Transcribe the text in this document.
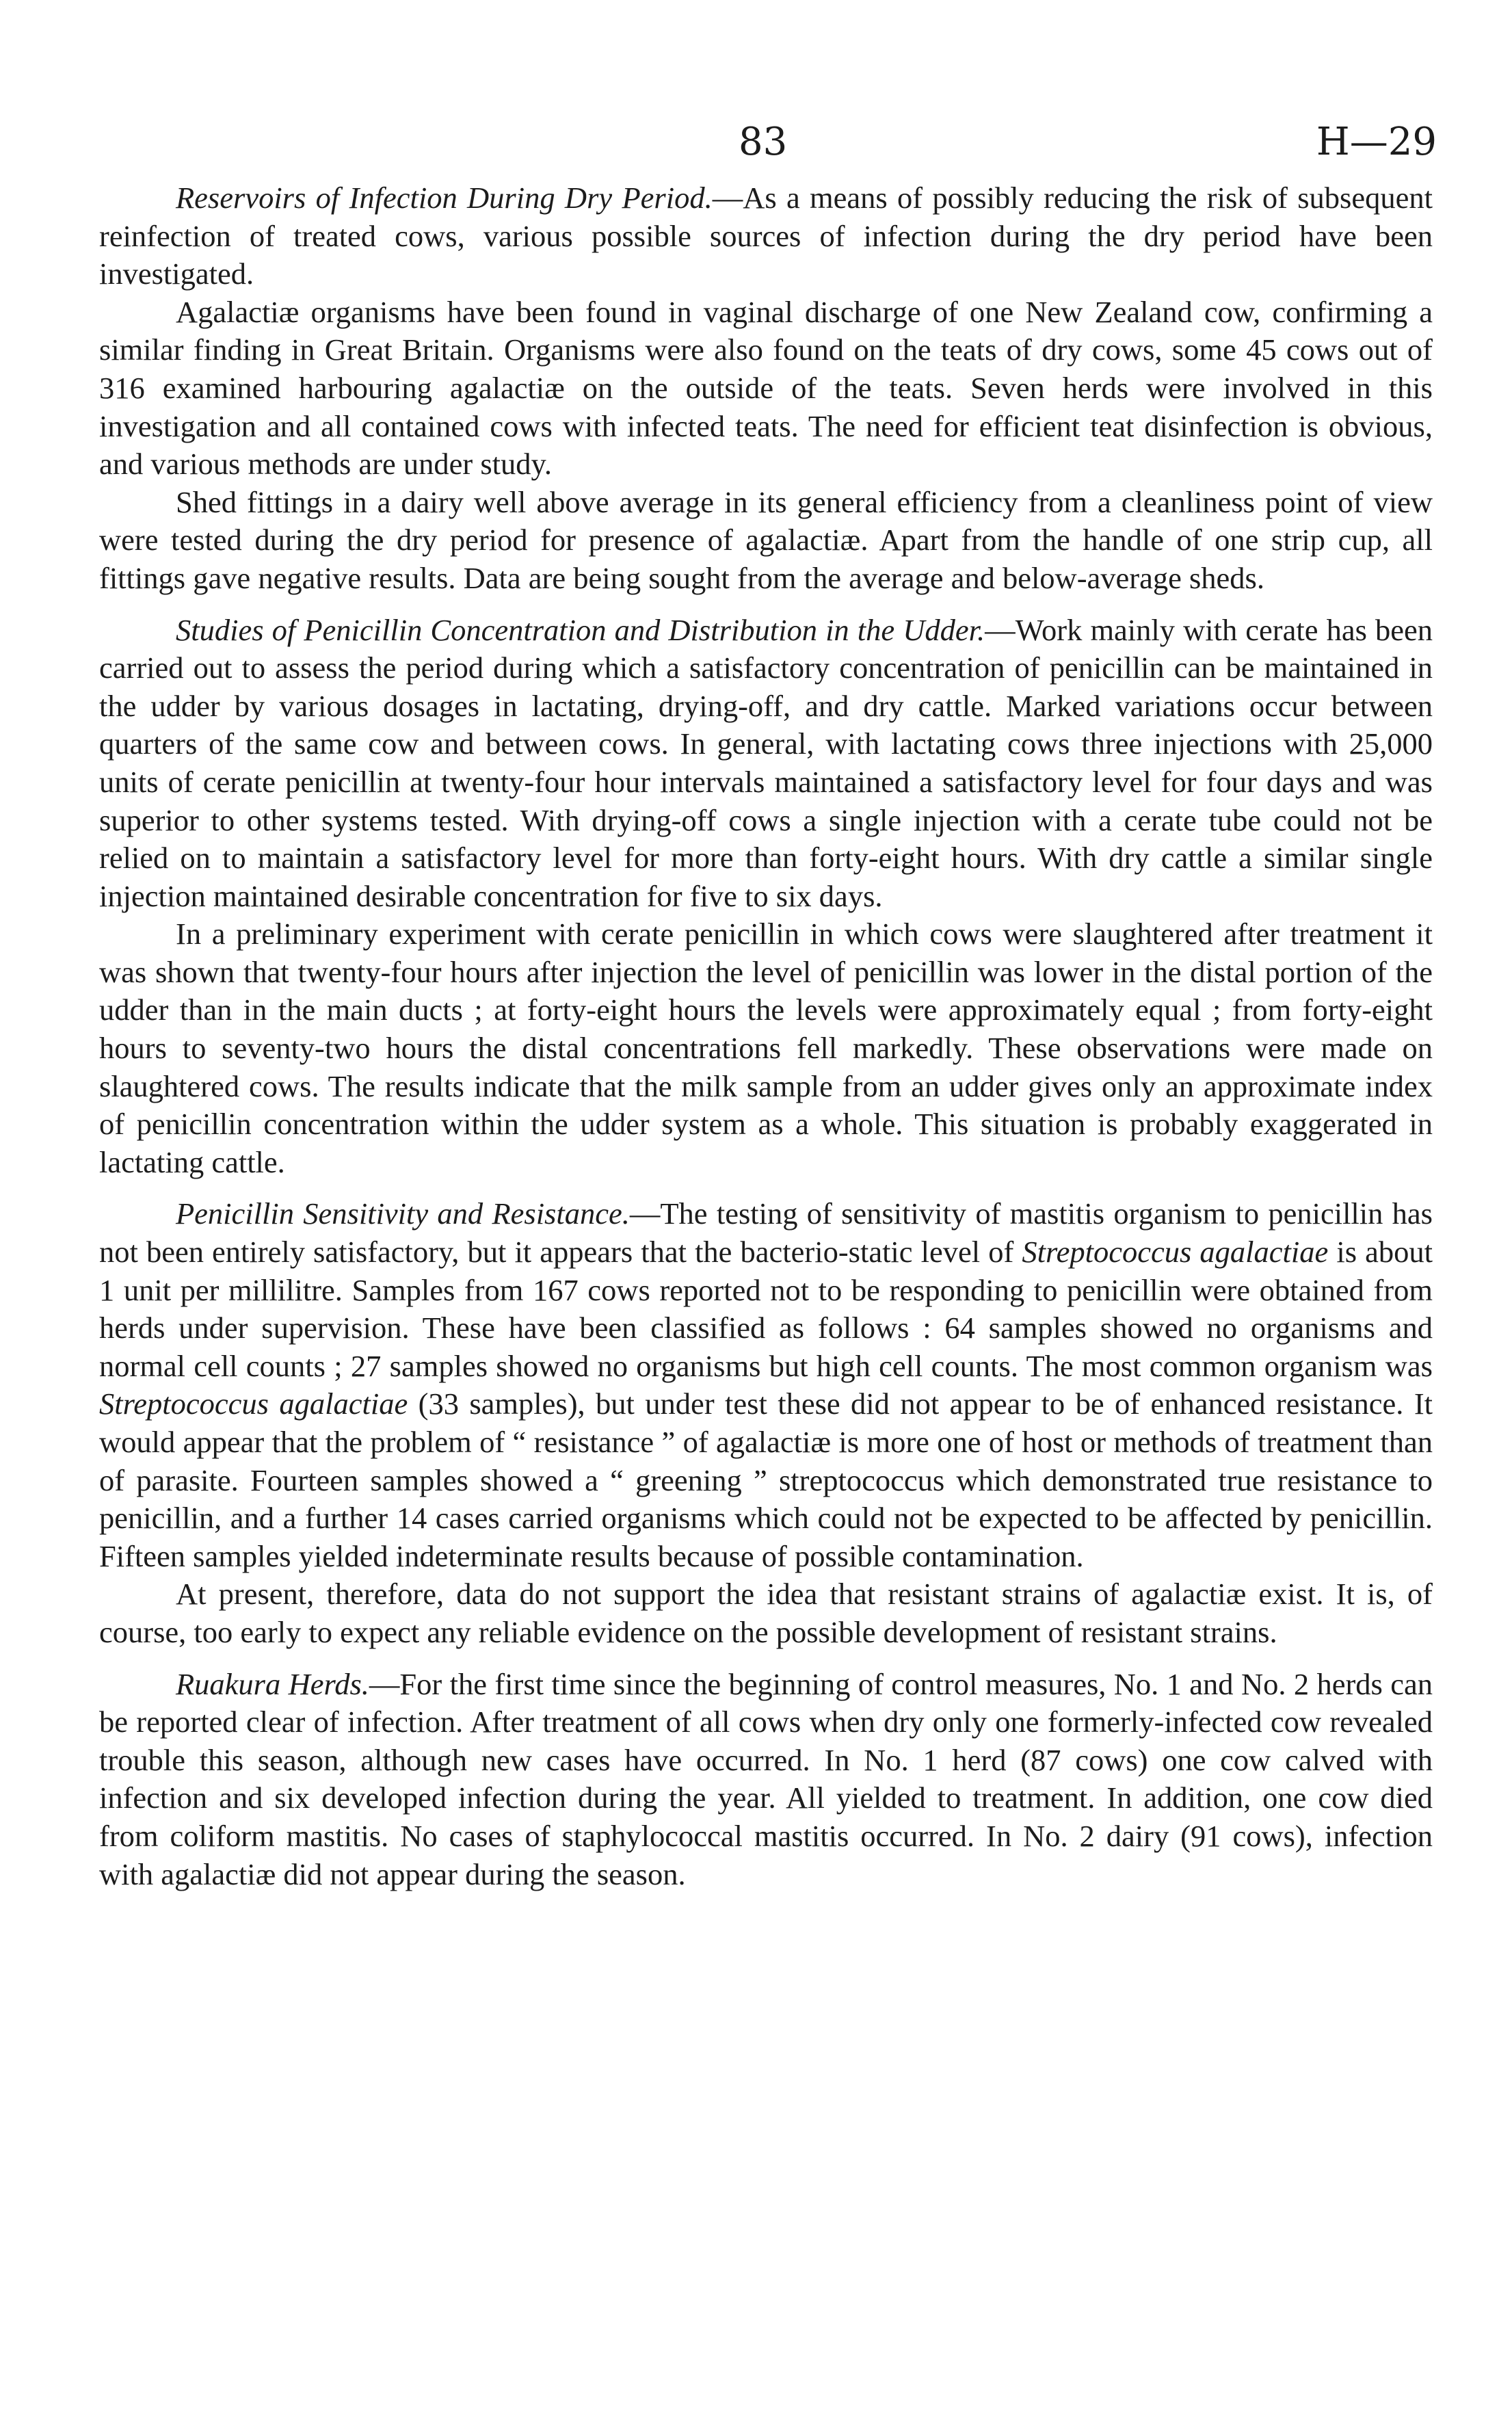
83	H—29

Reservoirs of Infection During Dry Period.—As a means of possibly reducing the risk of subsequent reinfection of treated cows, various possible sources of infection during the dry period have been investigated.

Agalactiæ organisms have been found in vaginal discharge of one New Zealand cow, confirming a similar finding in Great Britain. Organisms were also found on the teats of dry cows, some 45 cows out of 316 examined harbouring agalactiæ on the outside of the teats. Seven herds were involved in this investigation and all contained cows with infected teats. The need for efficient teat disinfection is obvious, and various methods are under study.

Shed fittings in a dairy well above average in its general efficiency from a cleanliness point of view were tested during the dry period for presence of agalactiæ. Apart from the handle of one strip cup, all fittings gave negative results. Data are being sought from the average and below-average sheds.

Studies of Penicillin Concentration and Distribution in the Udder.—Work mainly with cerate has been carried out to assess the period during which a satisfactory concentration of penicillin can be maintained in the udder by various dosages in lactating, drying-off, and dry cattle. Marked variations occur between quarters of the same cow and between cows. In general, with lactating cows three injections with 25,000 units of cerate penicillin at twenty-four hour intervals maintained a satisfactory level for four days and was superior to other systems tested. With drying-off cows a single injection with a cerate tube could not be relied on to maintain a satisfactory level for more than forty-eight hours. With dry cattle a similar single injection maintained desirable concentration for five to six days.

In a preliminary experiment with cerate penicillin in which cows were slaughtered after treatment it was shown that twenty-four hours after injection the level of penicillin was lower in the distal portion of the udder than in the main ducts ; at forty-eight hours the levels were approximately equal ; from forty-eight hours to seventy-two hours the distal concentrations fell markedly. These observations were made on slaughtered cows. The results indicate that the milk sample from an udder gives only an approximate index of penicillin concentration within the udder system as a whole. This situation is probably exaggerated in lactating cattle.

Penicillin Sensitivity and Resistance.—The testing of sensitivity of mastitis organism to penicillin has not been entirely satisfactory, but it appears that the bacterio-static level of Streptococcus agalactiae is about 1 unit per millilitre. Samples from 167 cows reported not to be responding to penicillin were obtained from herds under supervision. These have been classified as follows : 64 samples showed no organisms and normal cell counts ; 27 samples showed no organisms but high cell counts. The most common organism was Streptococcus agalactiae (33 samples), but under test these did not appear to be of enhanced resistance. It would appear that the problem of “ resistance ” of agalactiæ is more one of host or methods of treatment than of parasite. Fourteen samples showed a “ greening ” streptococcus which demonstrated true resistance to penicillin, and a further 14 cases carried organisms which could not be expected to be affected by penicillin. Fifteen samples yielded indeterminate results because of possible contamination.

At present, therefore, data do not support the idea that resistant strains of agalactiæ exist. It is, of course, too early to expect any reliable evidence on the possible development of resistant strains.

Ruakura Herds.—For the first time since the beginning of control measures, No. 1 and No. 2 herds can be reported clear of infection. After treatment of all cows when dry only one formerly-infected cow revealed trouble this season, although new cases have occurred. In No. 1 herd (87 cows) one cow calved with infection and six developed infection during the year. All yielded to treatment. In addition, one cow died from coliform mastitis. No cases of staphylococcal mastitis occurred. In No. 2 dairy (91 cows), infection with agalactiæ did not appear during the season.
